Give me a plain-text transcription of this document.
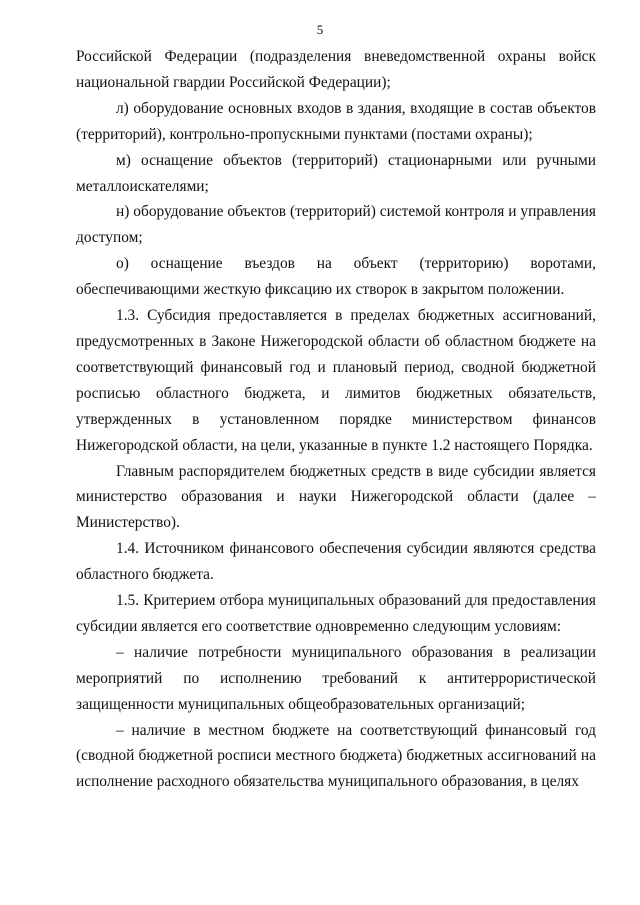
5

Российской Федерации (подразделения вневедомственной охраны войск национальной гвардии Российской Федерации);

л) оборудование основных входов в здания, входящие в состав объектов (территорий), контрольно-пропускными пунктами (постами охраны);

м) оснащение объектов (территорий) стационарными или ручными металлоискателями;

н) оборудование объектов (территорий) системой контроля и управления доступом;

о) оснащение въездов на объект (территорию) воротами, обеспечивающими жесткую фиксацию их створок в закрытом положении.

1.3. Субсидия предоставляется в пределах бюджетных ассигнований, предусмотренных в Законе Нижегородской области об областном бюджете на соответствующий финансовый год и плановый период, сводной бюджетной росписью областного бюджета, и лимитов бюджетных обязательств, утвержденных в установленном порядке министерством финансов Нижегородской области, на цели, указанные в пункте 1.2 настоящего Порядка.

Главным распорядителем бюджетных средств в виде субсидии является министерство образования и науки Нижегородской области (далее – Министерство).

1.4. Источником финансового обеспечения субсидии являются средства областного бюджета.

1.5. Критерием отбора муниципальных образований для предоставления субсидии является его соответствие одновременно следующим условиям:

– наличие потребности муниципального образования в реализации мероприятий по исполнению требований к антитеррористической защищенности муниципальных общеобразовательных организаций;

– наличие в местном бюджете на соответствующий финансовый год (сводной бюджетной росписи местного бюджета) бюджетных ассигнований на исполнение расходного обязательства муниципального образования, в целях
